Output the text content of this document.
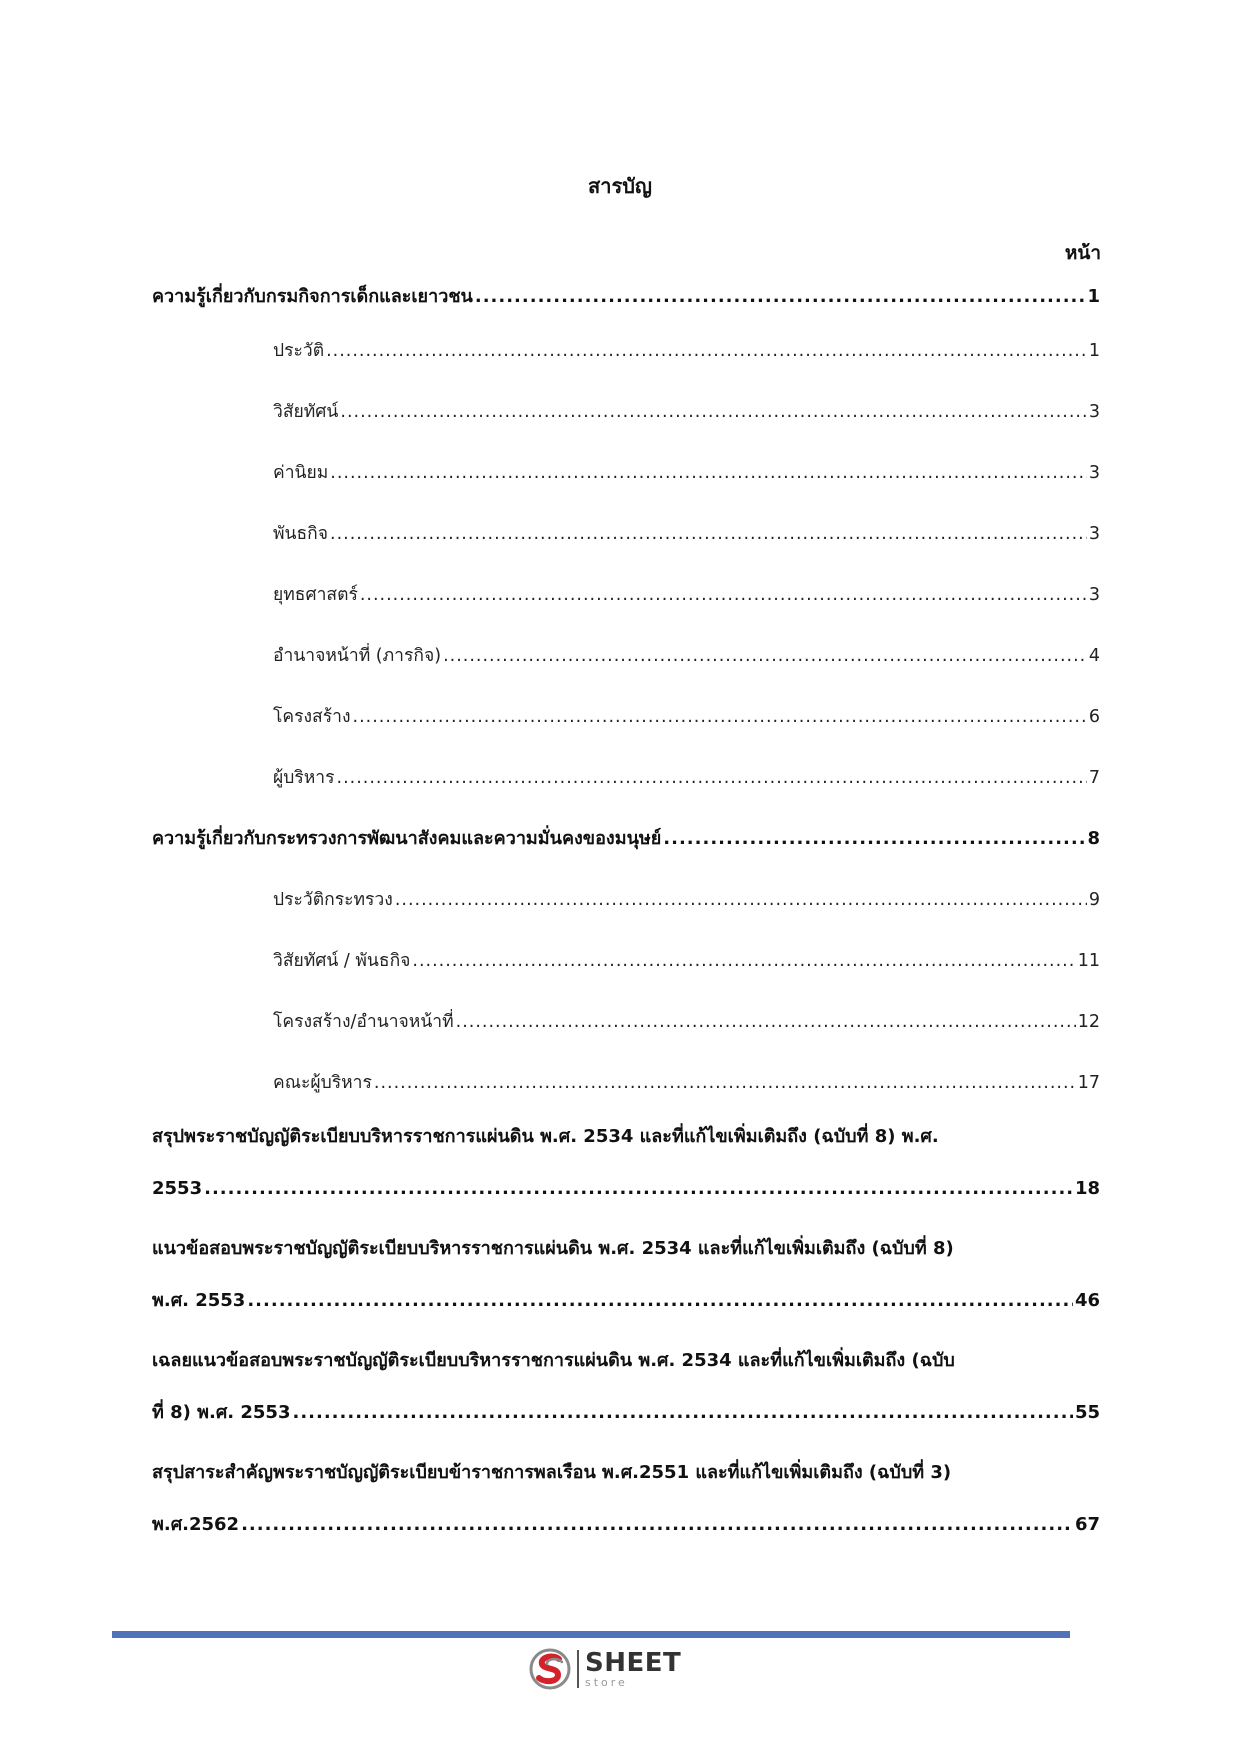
สารบัญ
หน้า
ความรู้เกี่ยวกับกรมกิจการเด็กและเยาวชน .....	1
ประวัติ .....	1
วิสัยทัศน์ .....	3
ค่านิยม .....	3
พันธกิจ .....	3
ยุทธศาสตร์ .....	3
อำนาจหน้าที่ (ภารกิจ) .....	4
โครงสร้าง .....	6
ผู้บริหาร .....	7
ความรู้เกี่ยวกับกระทรวงการพัฒนาสังคมและความมั่นคงของมนุษย์ .....	8
ประวัติกระทรวง .....	9
วิสัยทัศน์ / พันธกิจ .....	11
โครงสร้าง/อำนาจหน้าที่ .....	12
คณะผู้บริหาร .....	17
สรุปพระราชบัญญัติระเบียบบริหารราชการแผ่นดิน พ.ศ. 2534 และที่แก้ไขเพิ่มเติมถึง (ฉบับที่ 8) พ.ศ.
2553 .....	18
แนวข้อสอบพระราชบัญญัติระเบียบบริหารราชการแผ่นดิน พ.ศ. 2534 และที่แก้ไขเพิ่มเติมถึง (ฉบับที่ 8)
พ.ศ. 2553 .....	46
เฉลยแนวข้อสอบพระราชบัญญัติระเบียบบริหารราชการแผ่นดิน พ.ศ. 2534 และที่แก้ไขเพิ่มเติมถึง (ฉบับ
ที่ 8) พ.ศ. 2553 .....	55
สรุปสาระสำคัญพระราชบัญญัติระเบียบข้าราชการพลเรือน พ.ศ.2551 และที่แก้ไขเพิ่มเติมถึง (ฉบับที่ 3)
พ.ศ.2562 .....	67
SHEET
store
